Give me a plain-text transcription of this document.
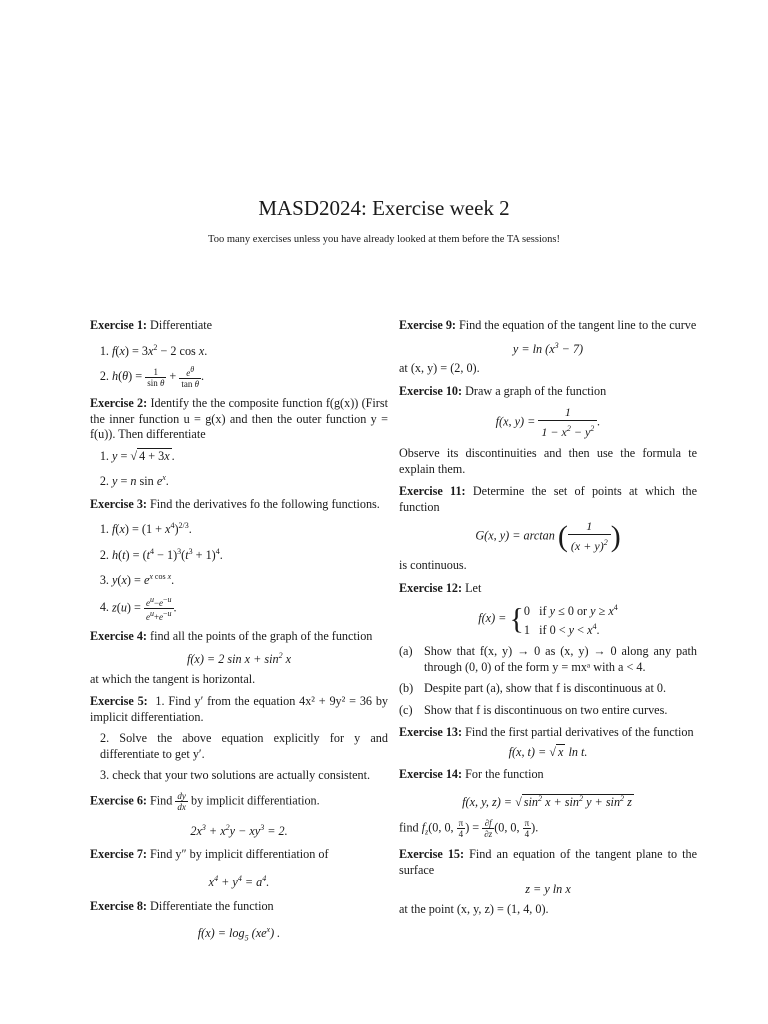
MASD2024: Exercise week 2
Too many exercises unless you have already looked at them before the TA sessions!
Exercise 1: Differentiate
1. $f(x) = 3x^2 - 2$ cos x.
2. $h(\theta) = \frac{1}{\text{sin θ}} + \frac{e^\theta}{\text{tan θ}}$ .
Exercise 2: Identify the the composite function f(g(x)) (First the inner function u = g(x) and then the outer function y = f(u)). Then differentiate
1. y = √ 4 + 3x .
2. y = n $\sin e^x$.
Exercise 3: Find the derivatives fo the following functions.
1. $f(x) = (1 + x^4)^{2/3}$.
2. $h(t) = (t^4 - 1)^3(t^3 + 1)^4$.
3. $y(x) = e^{x cos x}$.
4. $z(u) = \frac{e^u-e^{-u}}{e^u+e^{-u}}$ .
Exercise 4: find all the points of the graph of the function
f(x) = 2 $\sin x + \sin^2 x$
at which the tangent is horizontal.
Exercise 5:  1. Find y′ from the equation 4x² + 9y² = 36 by implicit differentiation.
2. Solve the above equation explicitly for y and differentiate to get y′.
3. check that your two solutions are actually consistent.
Exercise 6: Find $\frac{dy}{dx}$ by implicit differentiation.
$2x^3 + x^2y - xy^3 = 2$.
Exercise 7: Find y″ by implicit differentiation of
$x^4 + y^4 = a^4$.
Exercise 8: Differentiate the function
$f(x) = \log_5 (xe^x)$ .
Exercise 9: Find the equation of the tangent line to the curve
$y = \ln (x^3 - 7)$
at (x, y) = (2, 0).
Exercise 10: Draw a graph of the function
f(x, $y) = \frac{1}{1 - x^2 - y^2}$ .
Observe its discontinuities and then use the formula te explain them.
Exercise 11: Determine the set of points at which the function
G(x, y) = arctan ( $\frac{1}{(x + y)^2}$ )
is continuous.
Exercise 12: Let
f(x) = {0   if y ≤ 0 or $y \ge x^4$
1   if $0 < y < x^4$.
(a) Show that f(x, y) → 0 as (x, y) → 0 along any path through (0, 0) of the form y = mxᵃ with a < 4.
(b) Despite part (a), show that f is discontinuous at 0.
(c) Show that f is discontinuous on two entire curves.
Exercise 13: Find the first partial derivatives of the function
f(x, t) = √ x ln t.
Exercise 14: For the function
f(x, y, z) = √ $\sin^2 x + \sin^2 y + \sin^2 z$
find $f_z(0$, 0, $\frac{\pi}{4}$ ) = $\frac{\partial f}{\partial z} (0$, 0, $\frac{\pi}{4}$ ).
Exercise 15: Find an equation of the tangent plane to the surface
z = y ln x
at the point (x, y, z) = (1, 4, 0).
